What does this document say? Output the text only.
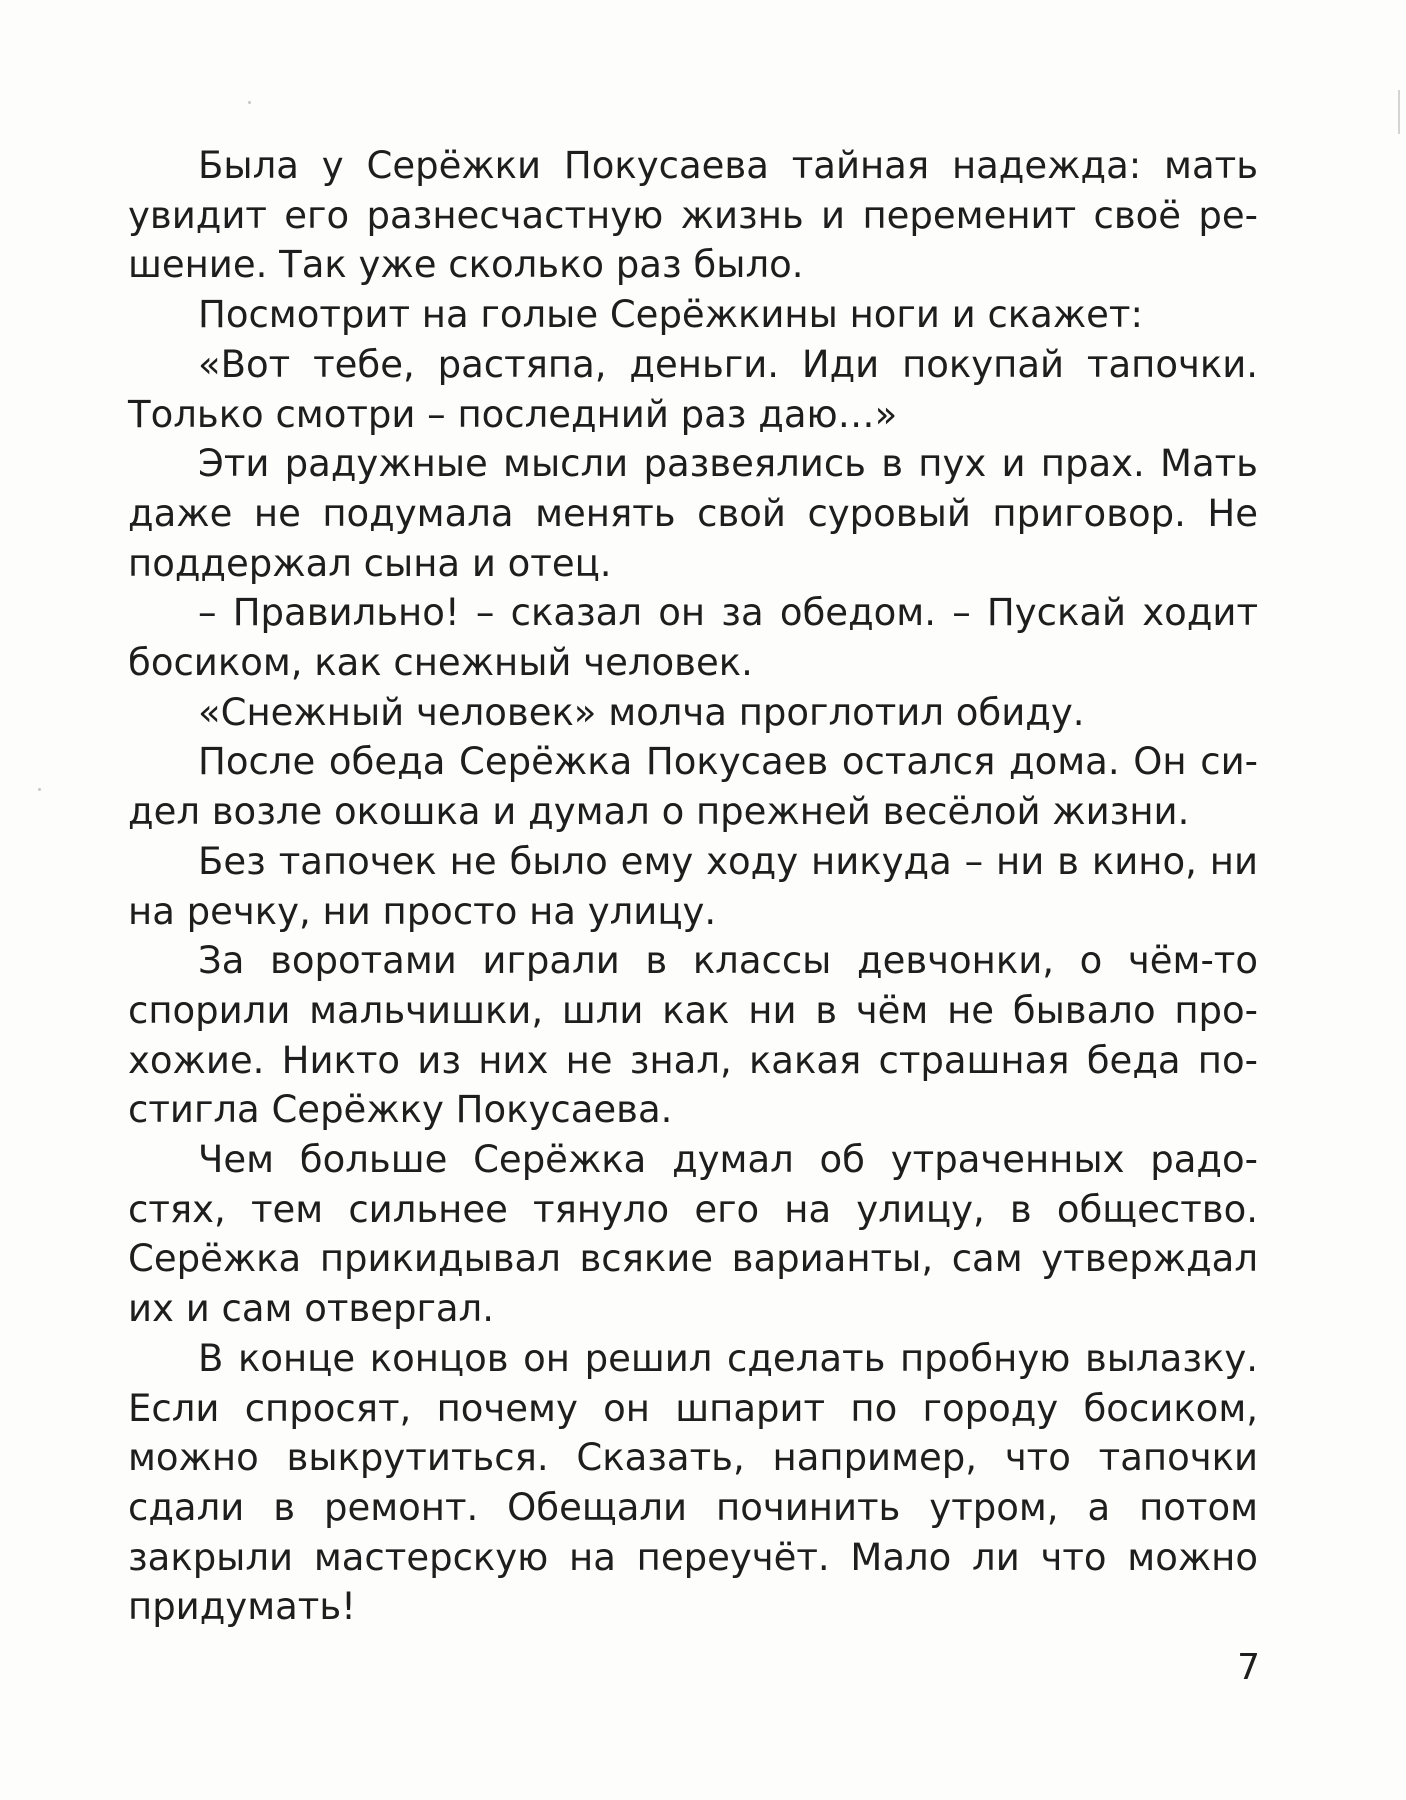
Была у Серёжки Покусаева тайная надежда: мать увидит его разнесчастную жизнь и переменит своё решение. Так уже сколько раз было.

Посмотрит на голые Серёжкины ноги и скажет:

«Вот тебе, растяпа, деньги. Иди покупай тапочки. Только смотри – последний раз даю…»

Эти радужные мысли развеялись в пух и прах. Мать даже не подумала менять свой суровый приговор. Не поддержал сына и отец.

– Правильно! – сказал он за обедом. – Пускай ходит босиком, как снежный человек.

«Снежный человек» молча проглотил обиду.

После обеда Серёжка Покусаев остался дома. Он сидел возле окошка и думал о прежней весёлой жизни.

Без тапочек не было ему ходу никуда – ни в кино, ни на речку, ни просто на улицу.

За воротами играли в классы девчонки, о чём-то спорили мальчишки, шли как ни в чём не бывало прохожие. Никто из них не знал, какая страшная беда постигла Серёжку Покусаева.

Чем больше Серёжка думал об утраченных радостях, тем сильнее тянуло его на улицу, в общество. Серёжка прикидывал всякие варианты, сам утверждал их и сам отвергал.

В конце концов он решил сделать пробную вылазку. Если спросят, почему он шпарит по городу босиком, можно выкрутиться. Сказать, например, что тапочки сдали в ремонт. Обещали починить утром, а потом закрыли мастерскую на переучёт. Мало ли что можно придумать!

7
